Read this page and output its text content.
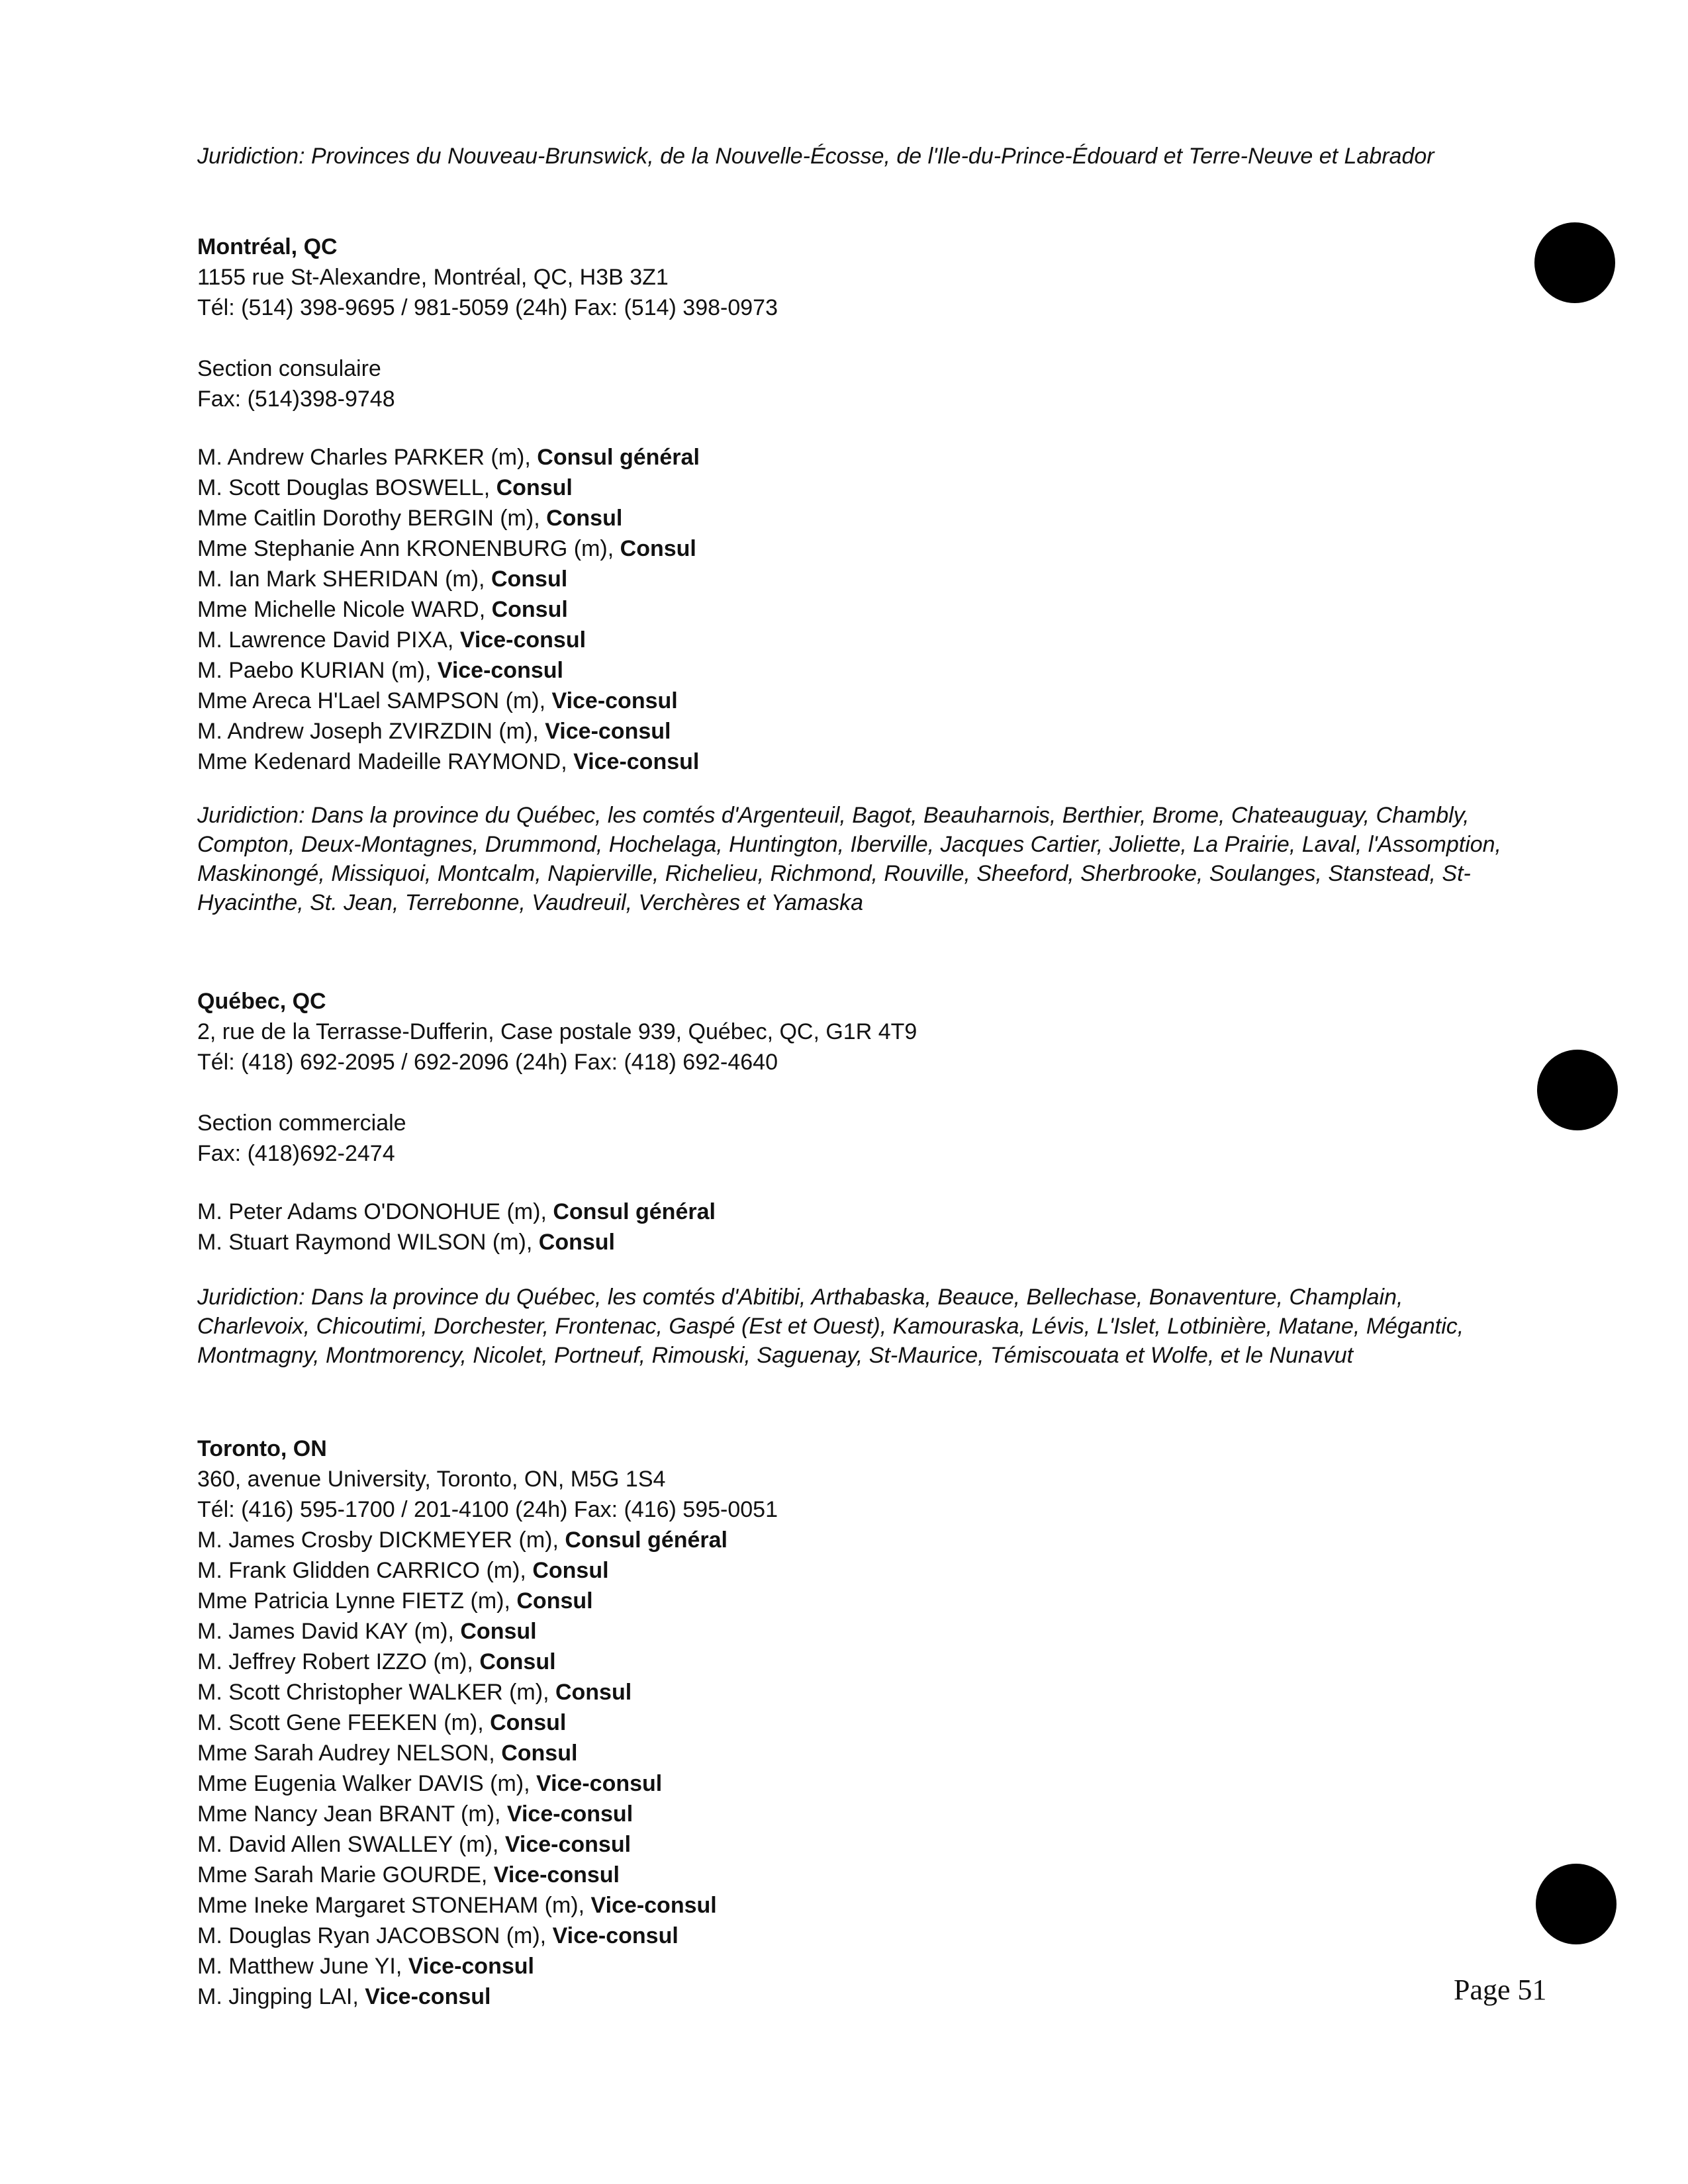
Juridiction: Provinces du Nouveau-Brunswick, de la Nouvelle-Écosse, de l'Ile-du-Prince-Édouard et Terre-Neuve et Labrador
Montréal, QC
1155 rue St-Alexandre, Montréal, QC, H3B 3Z1
Tél: (514) 398-9695 / 981-5059 (24h) Fax: (514) 398-0973
Section consulaire
Fax: (514)398-9748
M. Andrew Charles PARKER (m), Consul général
M. Scott Douglas BOSWELL, Consul
Mme Caitlin Dorothy BERGIN (m), Consul
Mme Stephanie Ann KRONENBURG (m), Consul
M. Ian Mark SHERIDAN (m), Consul
Mme Michelle Nicole WARD, Consul
M. Lawrence David PIXA, Vice-consul
M. Paebo KURIAN (m), Vice-consul
Mme Areca H'Lael SAMPSON (m), Vice-consul
M. Andrew Joseph ZVIRZDIN (m), Vice-consul
Mme Kedenard Madeille RAYMOND, Vice-consul
Juridiction: Dans la province du Québec, les comtés d'Argenteuil, Bagot, Beauharnois, Berthier, Brome, Chateauguay, Chambly, Compton, Deux-Montagnes, Drummond, Hochelaga, Huntington, Iberville, Jacques Cartier, Joliette, La Prairie, Laval, l'Assomption, Maskinongé, Missiquoi, Montcalm, Napierville, Richelieu, Richmond, Rouville, Sheeford, Sherbrooke, Soulanges, Stanstead, St-Hyacinthe, St. Jean, Terrebonne, Vaudreuil, Verchères et Yamaska
Québec, QC
2, rue de la Terrasse-Dufferin, Case postale 939, Québec, QC, G1R 4T9
Tél: (418) 692-2095 / 692-2096 (24h) Fax: (418) 692-4640
Section commerciale
Fax: (418)692-2474
M. Peter Adams O'DONOHUE (m), Consul général
M. Stuart Raymond WILSON (m), Consul
Juridiction: Dans la province du Québec, les comtés d'Abitibi, Arthabaska, Beauce, Bellechase, Bonaventure, Champlain, Charlevoix, Chicoutimi, Dorchester, Frontenac, Gaspé (Est et Ouest), Kamouraska, Lévis, L'Islet, Lotbinière, Matane, Mégantic, Montmagny, Montmorency, Nicolet, Portneuf, Rimouski, Saguenay, St-Maurice, Témiscouata et Wolfe, et le Nunavut
Toronto, ON
360, avenue University, Toronto, ON, M5G 1S4
Tél: (416) 595-1700 / 201-4100 (24h) Fax: (416) 595-0051
M. James Crosby DICKMEYER (m), Consul général
M. Frank Glidden CARRICO (m), Consul
Mme Patricia Lynne FIETZ (m), Consul
M. James David KAY (m), Consul
M. Jeffrey Robert IZZO (m), Consul
M. Scott Christopher WALKER (m), Consul
M. Scott Gene FEEKEN (m), Consul
Mme Sarah Audrey NELSON, Consul
Mme Eugenia Walker DAVIS (m), Vice-consul
Mme Nancy Jean BRANT (m), Vice-consul
M. David Allen SWALLEY (m), Vice-consul
Mme Sarah Marie GOURDE, Vice-consul
Mme Ineke Margaret STONEHAM (m), Vice-consul
M. Douglas Ryan JACOBSON (m), Vice-consul
M. Matthew June YI, Vice-consul
M. Jingping LAI, Vice-consul	Page 51
